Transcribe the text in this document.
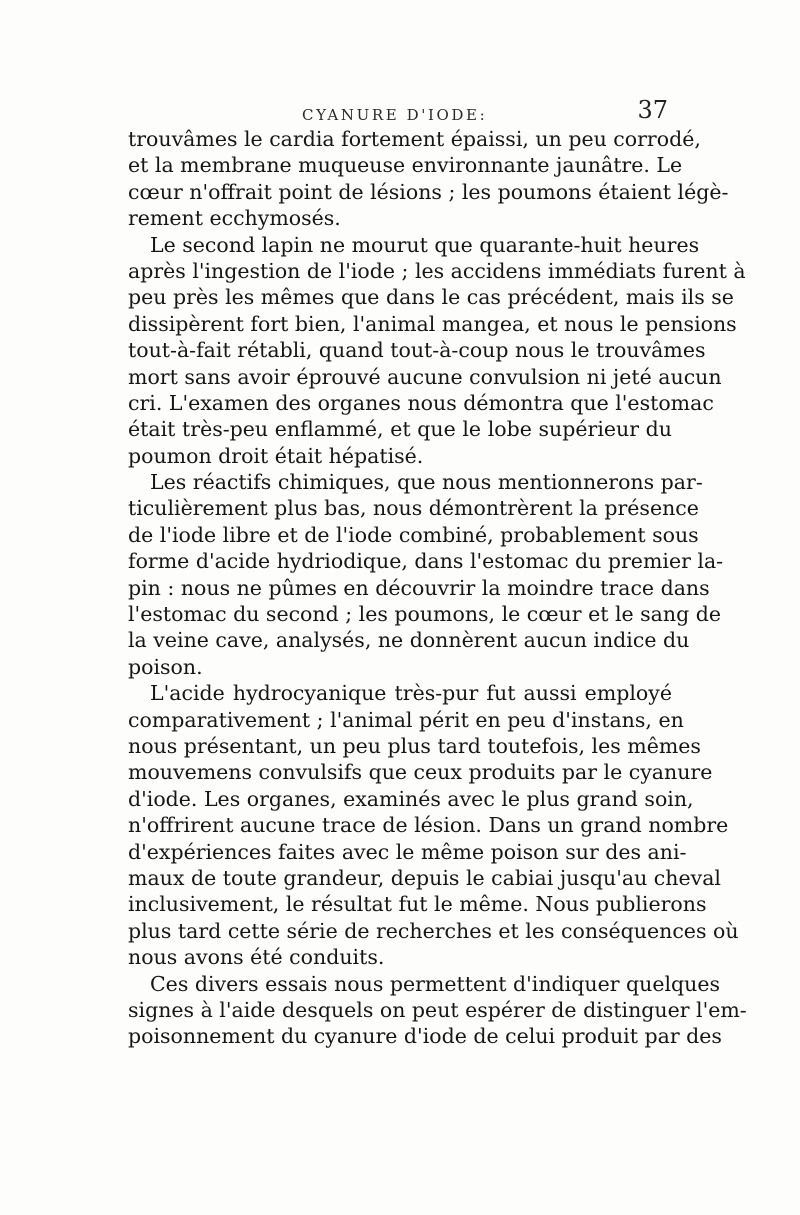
CYANURE D'IODE:	37
trouvâmes le cardia fortement épaissi, un peu corrodé,
et la membrane muqueuse environnante jaunâtre. Le
cœur n'offrait point de lésions ; les poumons étaient légè-
rement ecchymosés.
Le second lapin ne mourut que quarante-huit heures
après l'ingestion de l'iode ; les accidens immédiats furent à
peu près les mêmes que dans le cas précédent, mais ils se
dissipèrent fort bien, l'animal mangea, et nous le pensions
tout-à-fait rétabli, quand tout-à-coup nous le trouvâmes
mort sans avoir éprouvé aucune convulsion ni jeté aucun
cri. L'examen des organes nous démontra que l'estomac
était très-peu enflammé, et que le lobe supérieur du
poumon droit était hépatisé.
Les réactifs chimiques, que nous mentionnerons par-
ticulièrement plus bas, nous démontrèrent la présence
de l'iode libre et de l'iode combiné, probablement sous
forme d'acide hydriodique, dans l'estomac du premier la-
pin : nous ne pûmes en découvrir la moindre trace dans
l'estomac du second ; les poumons, le cœur et le sang de
la veine cave, analysés, ne donnèrent aucun indice du
poison.
L'acide hydrocyanique très-pur fut aussi employé
comparativement ; l'animal périt en peu d'instans, en
nous présentant, un peu plus tard toutefois, les mêmes
mouvemens convulsifs que ceux produits par le cyanure
d'iode. Les organes, examinés avec le plus grand soin,
n'offrirent aucune trace de lésion. Dans un grand nombre
d'expériences faites avec le même poison sur des ani-
maux de toute grandeur, depuis le cabiai jusqu'au cheval
inclusivement, le résultat fut le même. Nous publierons
plus tard cette série de recherches et les conséquences où
nous avons été conduits.
Ces divers essais nous permettent d'indiquer quelques
signes à l'aide desquels on peut espérer de distinguer l'em-
poisonnement du cyanure d'iode de celui produit par des
